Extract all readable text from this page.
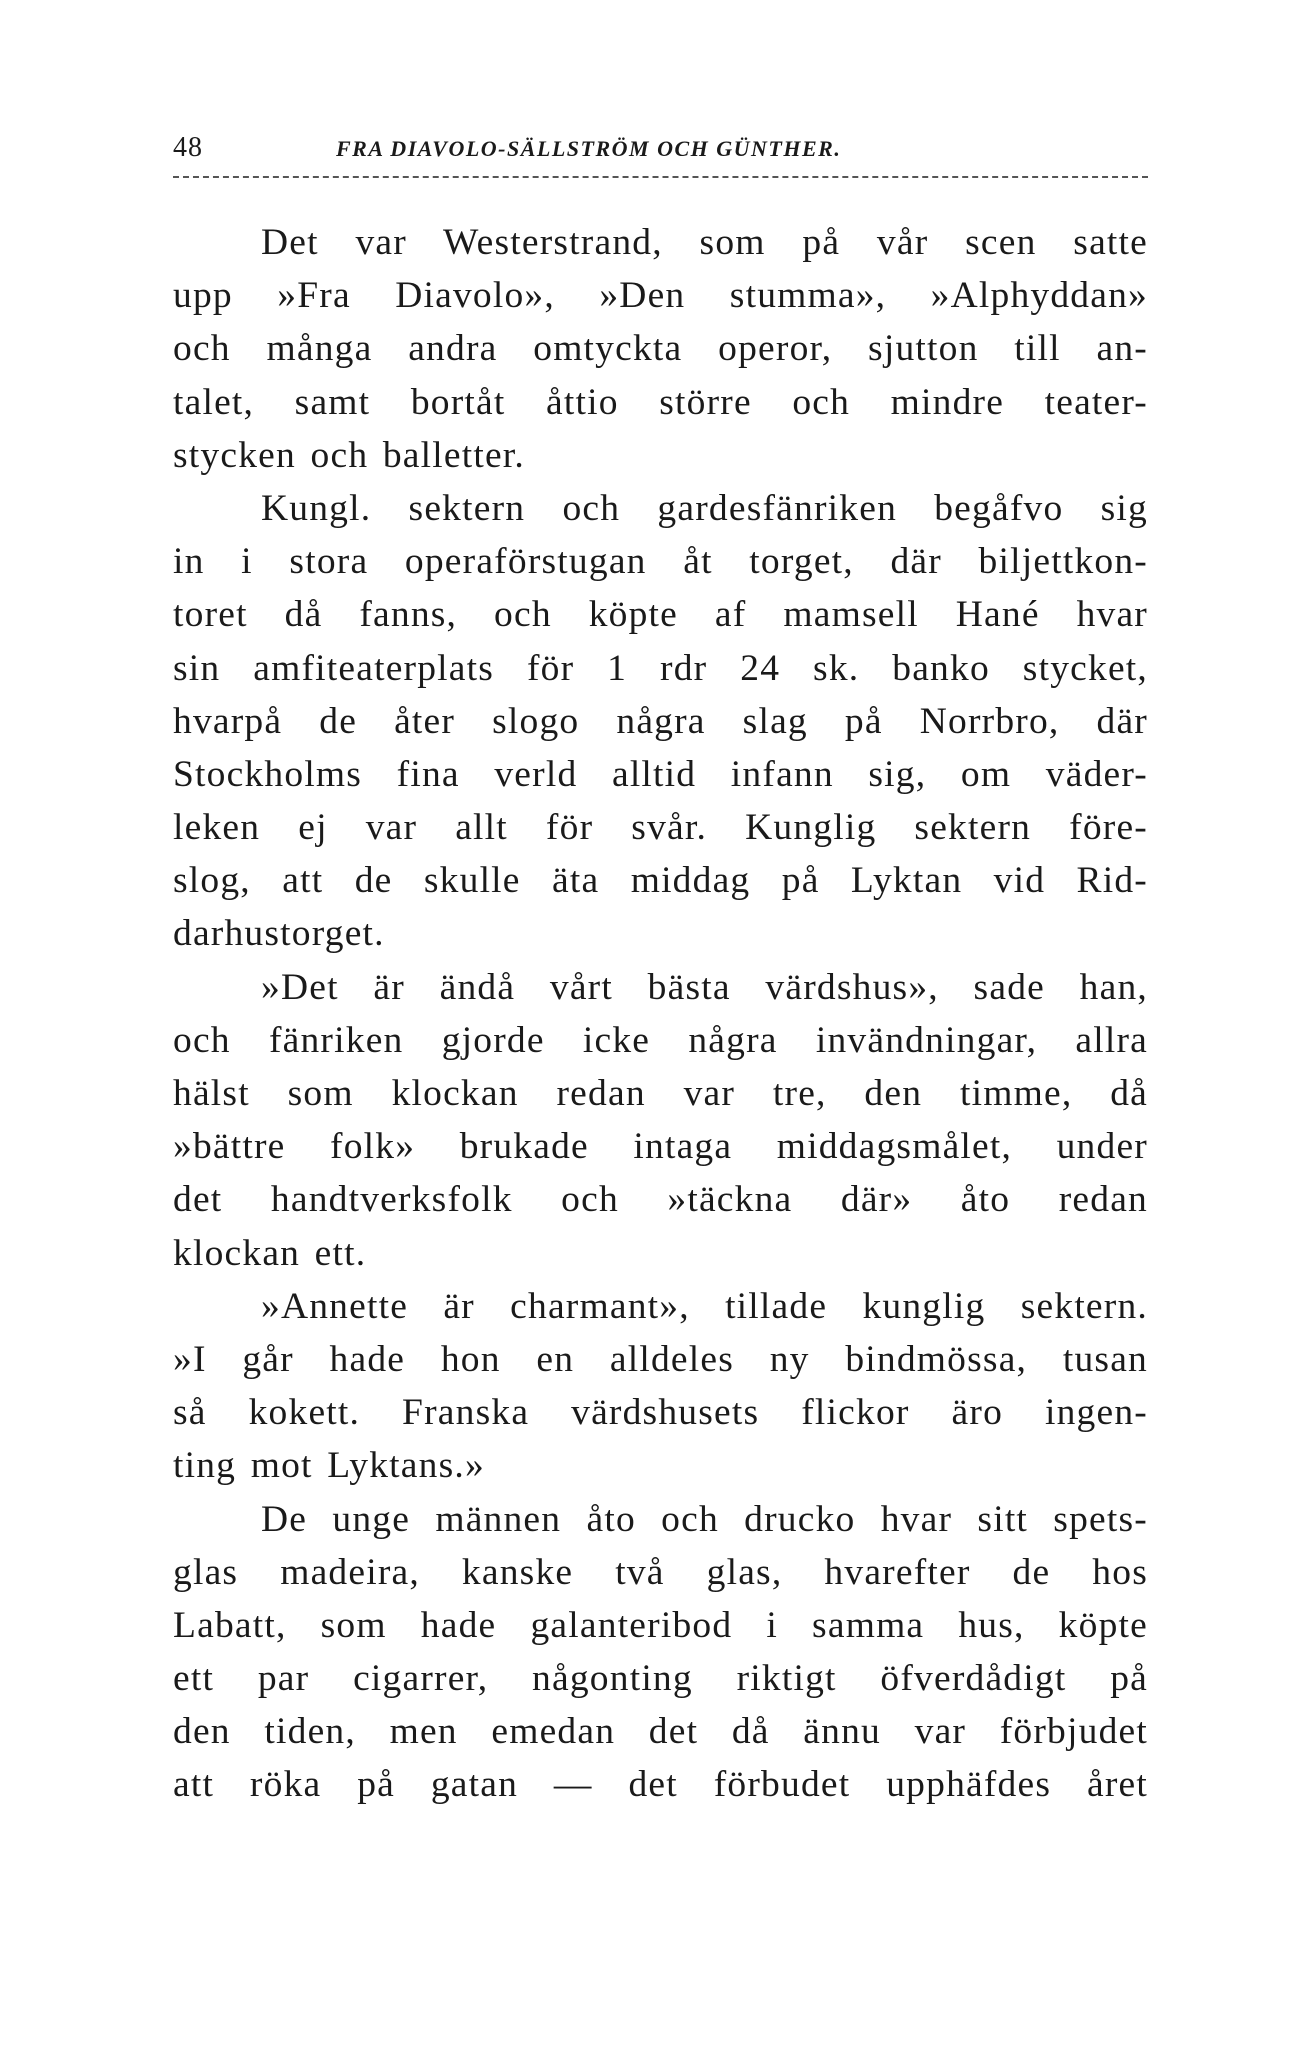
48	FRA DIAVOLO-SÄLLSTRÖM OCH GÜNTHER.
Det var Westerstrand, som på vår scen satte
upp »Fra Diavolo», »Den stumma», »Alphyddan»
och många andra omtyckta operor, sjutton till an-
talet, samt bortåt åttio större och mindre teater-
stycken och balletter.
Kungl. sektern och gardesfänriken begåfvo sig
in i stora operaförstugan åt torget, där biljettkon-
toret då fanns, och köpte af mamsell Hané hvar
sin amfiteaterplats för 1 rdr 24 sk. banko stycket,
hvarpå de åter slogo några slag på Norrbro, där
Stockholms fina verld alltid infann sig, om väder-
leken ej var allt för svår. Kunglig sektern före-
slog, att de skulle äta middag på Lyktan vid Rid-
darhustorget.
»Det är ändå vårt bästa värdshus», sade han,
och fänriken gjorde icke några invändningar, allra
hälst som klockan redan var tre, den timme, då
»bättre folk» brukade intaga middagsmålet, under
det handtverksfolk och »täckna där» åto redan
klockan ett.
»Annette är charmant», tillade kunglig sektern.
»I går hade hon en alldeles ny bindmössa, tusan
så kokett. Franska värdshusets flickor äro ingen-
ting mot Lyktans.»
De unge männen åto och drucko hvar sitt spets-
glas madeira, kanske två glas, hvarefter de hos
Labatt, som hade galanteribod i samma hus, köpte
ett par cigarrer, någonting riktigt öfverdådigt på
den tiden, men emedan det då ännu var förbjudet
att röka på gatan — det förbudet upphäfdes året
